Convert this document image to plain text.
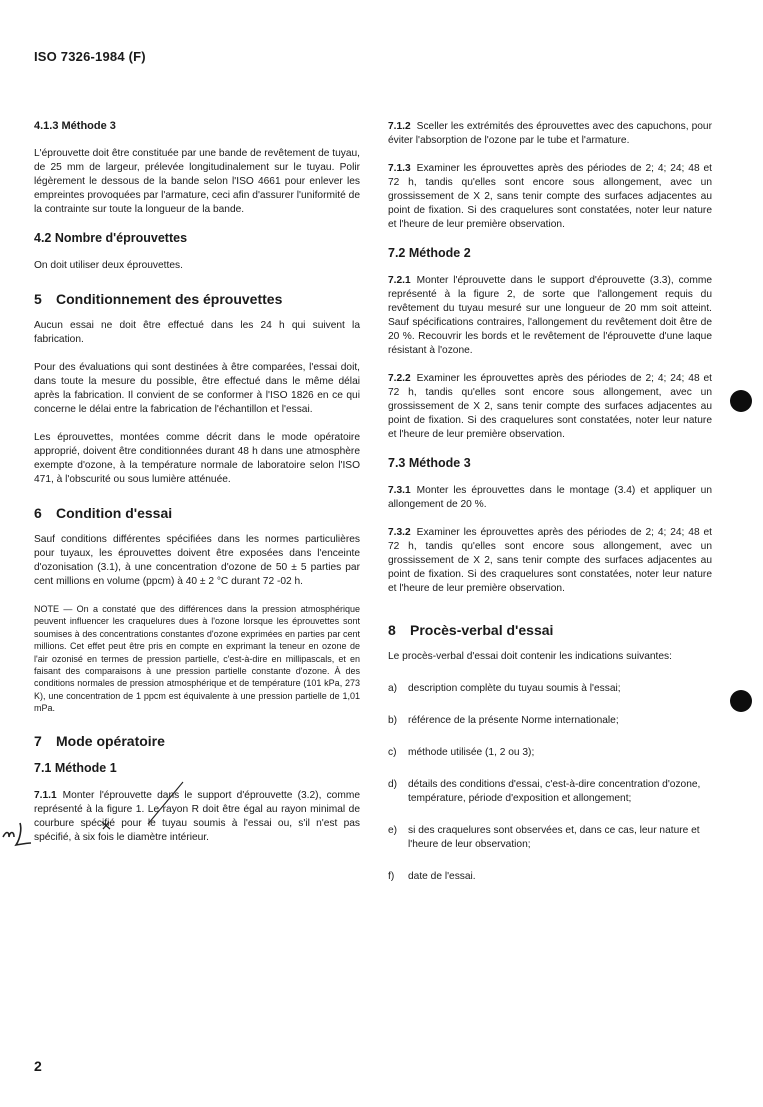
ISO 7326-1984 (F)
4.1.3 Méthode 3

L'éprouvette doit être constituée par une bande de revêtement de tuyau, de 25 mm de largeur, prélevée longitudinalement sur le tuyau. Polir légèrement le dessous de la bande selon l'ISO 4661 pour enlever les empreintes provoquées par l'armature, ceci afin d'assurer l'uniformité de la contrainte sur toute la longueur de la bande.

4.2 Nombre d'éprouvettes

On doit utiliser deux éprouvettes.

5 Conditionnement des éprouvettes

Aucun essai ne doit être effectué dans les 24 h qui suivent la fabrication.

Pour des évaluations qui sont destinées à être comparées, l'essai doit, dans toute la mesure du possible, être effectué dans le même délai après la fabrication. Il convient de se conformer à l'ISO 1826 en ce qui concerne le délai entre la fabrication de l'échantillon et l'essai.

Les éprouvettes, montées comme décrit dans le mode opératoire approprié, doivent être conditionnées durant 48 h dans une atmosphère exempte d'ozone, à la température normale de laboratoire selon l'ISO 471, à l'obscurité ou sous lumière atténuée.

6 Condition d'essai

Sauf conditions différentes spécifiées dans les normes particulières pour tuyaux, les éprouvettes doivent être exposées dans l'enceinte d'ozonisation (3.1), à une concentration d'ozone de 50 ± 5 parties par cent millions en volume (ppcm) à 40 ± 2 °C durant 72 -02 h.

NOTE — On a constaté que des différences dans la pression atmosphérique peuvent influencer les craquelures dues à l'ozone lorsque les éprouvettes sont soumises à des concentrations constantes d'ozone exprimées en parties par cent millions. Cet effet peut être pris en compte en exprimant la teneur en ozone de l'air ozonisé en termes de pression partielle, c'est-à-dire en millipascals, et en faisant des comparaisons à une pression partielle constante d'ozone. À des conditions normales de pression atmosphérique et de température (101 kPa, 273 K), une concentration de 1 ppcm est équivalente à une pression partielle de 1,01 mPa.

7 Mode opératoire
7.1 Méthode 1

7.1.1 Monter l'éprouvette dans le support d'éprouvette (3.2), comme représenté à la figure 1. Le rayon R doit être égal au rayon minimal de courbure spécifié pour le tuyau soumis à l'essai ou, s'il n'est pas spécifié, à six fois le diamètre intérieur.

7.1.2 Sceller les extrémités des éprouvettes avec des capuchons, pour éviter l'absorption de l'ozone par le tube et l'armature.

7.1.3 Examiner les éprouvettes après des périodes de 2; 4; 24; 48 et 72 h, tandis qu'elles sont encore sous allongement, avec un grossissement de X 2, sans tenir compte des surfaces adjacentes au point de fixation. Si des craquelures sont constatées, noter leur nature et l'heure de leur première observation.

7.2 Méthode 2

7.2.1 Monter l'éprouvette dans le support d'éprouvette (3.3), comme représenté à la figure 2, de sorte que l'allongement requis du revêtement du tuyau mesuré sur une longueur de 20 mm soit atteint. Sauf spécifications contraires, l'allongement du revêtement doit être de 20 %. Recouvrir les bords et le revêtement de l'éprouvette d'une laque résistant à l'ozone.

7.2.2 Examiner les éprouvettes après des périodes de 2; 4; 24; 48 et 72 h, tandis qu'elles sont encore sous allongement, avec un grossissement de X 2, sans tenir compte des surfaces adjacentes au point de fixation. Si des craquelures sont constatées, noter leur nature et l'heure de leur première observation.

7.3 Méthode 3

7.3.1 Monter les éprouvettes dans le montage (3.4) et appliquer un allongement de 20 %.

7.3.2 Examiner les éprouvettes après des périodes de 2; 4; 24; 48 et 72 h, tandis qu'elles sont encore sous allongement, avec un grossissement de X 2, sans tenir compte des surfaces adjacentes au point de fixation. Si des craquelures sont constatées, noter leur nature et l'heure de leur première observation.

8 Procès-verbal d'essai

Le procès-verbal d'essai doit contenir les indications suivantes:

a)	description complète du tuyau soumis à l'essai;
b)	référence de la présente Norme internationale;
c)	méthode utilisée (1, 2 ou 3);
d)	détails des conditions d'essai, c'est-à-dire concentration d'ozone, température, période d'exposition et allongement;
e)	si des craquelures sont observées et, dans ce cas, leur nature et l'heure de leur observation;
f)	date de l'essai.
2
